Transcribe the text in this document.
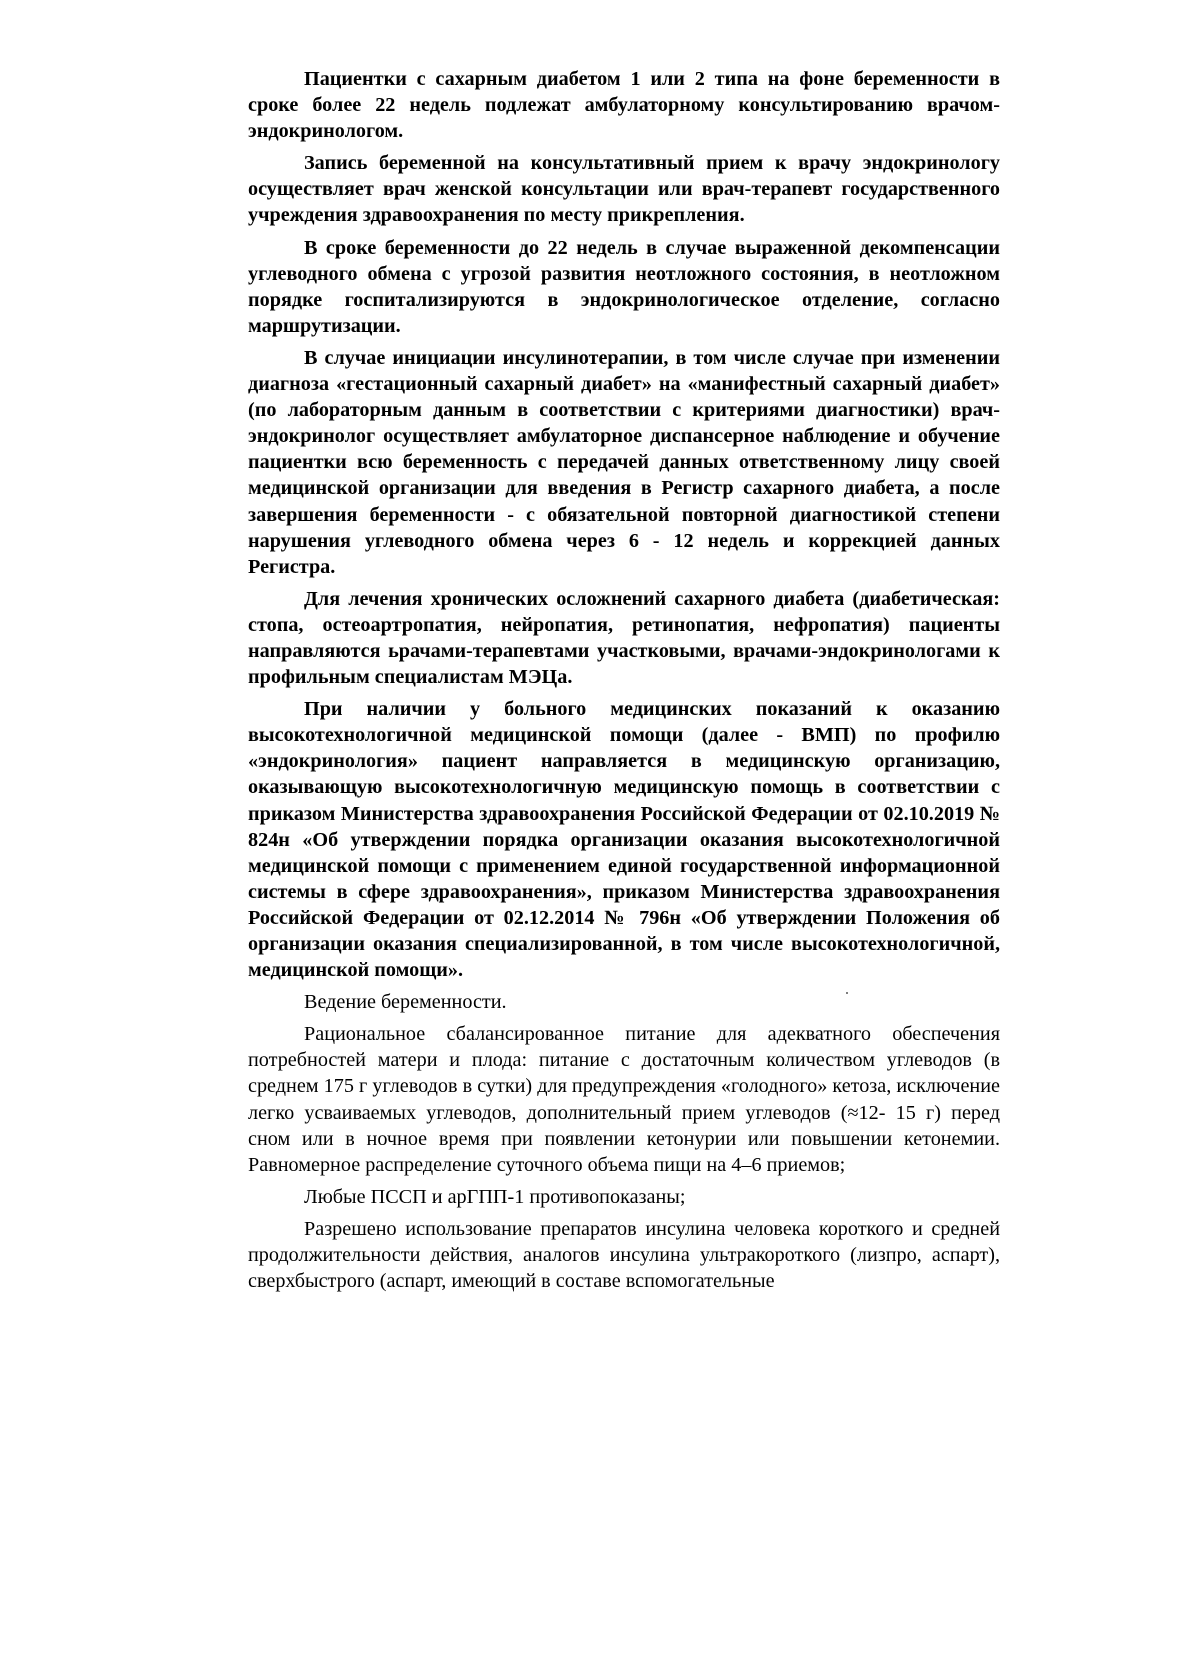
Пациентки с сахарным диабетом 1 или 2 типа на фоне беременности в сроке более 22 недель подлежат амбулаторному консультированию врачом-эндокринологом.

Запись беременной на консультативный прием к врачу эндокринологу осуществляет врач женской консультации или врач-терапевт государственного учреждения здравоохранения по месту прикрепления.

В сроке беременности до 22 недель в случае выраженной декомпенсации углеводного обмена с угрозой развития неотложного состояния, в неотложном порядке госпитализируются в эндокринологическое отделение, согласно маршрутизации.

В случае инициации инсулинотерапии, в том числе случае при изменении диагноза «гестационный сахарный диабет» на «манифестный сахарный диабет» (по лабораторным данным в соответствии с критериями диагностики) врач-эндокринолог осуществляет амбулаторное диспансерное наблюдение и обучение пациентки всю беременность с передачей данных ответственному лицу своей медицинской организации для введения в Регистр сахарного диабета, а после завершения беременности - с обязательной повторной диагностикой степени нарушения углеводного обмена через 6 - 12 недель и коррекцией данных Регистра.

Для лечения хронических осложнений сахарного диабета (диабетическая: стопа, остеоартропатия, нейропатия, ретинопатия, нефропатия) пациенты направляются ьрачами-терапевтами участковыми, врачами-эндокринологами к профильным специалистам МЭЦа.

При наличии у больного медицинских показаний к оказанию высокотехнологичной медицинской помощи (далее - ВМП) по профилю «эндокринология» пациент направляется в медицинскую организацию, оказывающую высокотехнологичную медицинскую помощь в соответствии с приказом Министерства здравоохранения Российской Федерации от 02.10.2019 № 824н «Об утверждении порядка организации оказания высокотехнологичной медицинской помощи с применением единой государственной информационной системы в сфере здравоохранения», приказом Министерства здравоохранения Российской Федерации от 02.12.2014 № 796н «Об утверждении Положения об организации оказания специализированной, в том числе высокотехнологичной, медицинской помощи».

Ведение беременности.

Рациональное сбалансированное питание для адекватного обеспечения потребностей матери и плода: питание с достаточным количеством углеводов (в среднем 175 г углеводов в сутки) для предупреждения «голодного» кетоза, исключение легко усваиваемых углеводов, дополнительный прием углеводов (≈12- 15 г) перед сном или в ночное время при появлении кетонурии или повышении кетонемии. Равномерное распределение суточного объема пищи на 4–6 приемов;

Любые ПССП и арГПП-1 противопоказаны;

Разрешено использование препаратов инсулина человека короткого и средней продолжительности действия, аналогов инсулина ультракороткого (лизпро, аспарт), сверхбыстрого (аспарт, имеющий в составе вспомогательные
